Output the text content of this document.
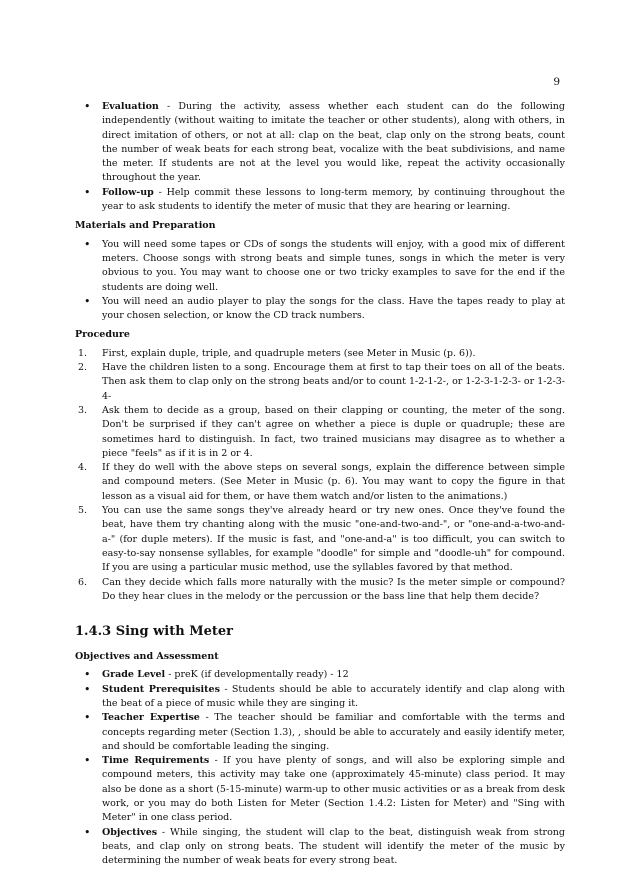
9
• Evaluation - During the activity, assess whether each student can do the following independently (without waiting to imitate the teacher or other students), along with others, in direct imitation of others, or not at all: clap on the beat, clap only on the strong beats, count the number of weak beats for each strong beat, vocalize with the beat subdivisions, and name the meter. If students are not at the level you would like, repeat the activity occasionally throughout the year.
• Follow-up - Help commit these lessons to long-term memory, by continuing throughout the year to ask students to identify the meter of music that they are hearing or learning.
Materials and Preparation
• You will need some tapes or CDs of songs the students will enjoy, with a good mix of different meters. Choose songs with strong beats and simple tunes, songs in which the meter is very obvious to you. You may want to choose one or two tricky examples to save for the end if the students are doing well.
• You will need an audio player to play the songs for the class. Have the tapes ready to play at your chosen selection, or know the CD track numbers.
Procedure
1. First, explain duple, triple, and quadruple meters (see Meter in Music (p. 6)).
2. Have the children listen to a song. Encourage them at first to tap their toes on all of the beats. Then ask them to clap only on the strong beats and/or to count 1-2-1-2-, or 1-2-3-1-2-3- or 1-2-3-4-
3. Ask them to decide as a group, based on their clapping or counting, the meter of the song. Don't be surprised if they can't agree on whether a piece is duple or quadruple; these are sometimes hard to distinguish. In fact, two trained musicians may disagree as to whether a piece "feels" as if it is in 2 or 4.
4. If they do well with the above steps on several songs, explain the difference between simple and compound meters. (See Meter in Music (p. 6). You may want to copy the figure in that lesson as a visual aid for them, or have them watch and/or listen to the animations.)
5. You can use the same songs they've already heard or try new ones. Once they've found the beat, have them try chanting along with the music "one-and-two-and-", or "one-and-a-two-and-a-" (for duple meters). If the music is fast, and "one-and-a" is too difficult, you can switch to easy-to-say nonsense syllables, for example "doodle" for simple and "doodle-uh" for compound. If you are using a particular music method, use the syllables favored by that method.
6. Can they decide which falls more naturally with the music? Is the meter simple or compound? Do they hear clues in the melody or the percussion or the bass line that help them decide?
1.4.3 Sing with Meter
Objectives and Assessment
• Grade Level - preK (if developmentally ready) - 12
• Student Prerequisites - Students should be able to accurately identify and clap along with the beat of a piece of music while they are singing it.
• Teacher Expertise - The teacher should be familiar and comfortable with the terms and concepts regarding meter (Section 1.3), , should be able to accurately and easily identify meter, and should be comfortable leading the singing.
• Time Requirements - If you have plenty of songs, and will also be exploring simple and compound meters, this activity may take one (approximately 45-minute) class period. It may also be done as a short (5-15-minute) warm-up to other music activities or as a break from desk work, or you may do both Listen for Meter (Section 1.4.2: Listen for Meter) and "Sing with Meter" in one class period.
• Objectives - While singing, the student will clap to the beat, distinguish weak from strong beats, and clap only on strong beats. The student will identify the meter of the music by determining the number of weak beats for every strong beat.
